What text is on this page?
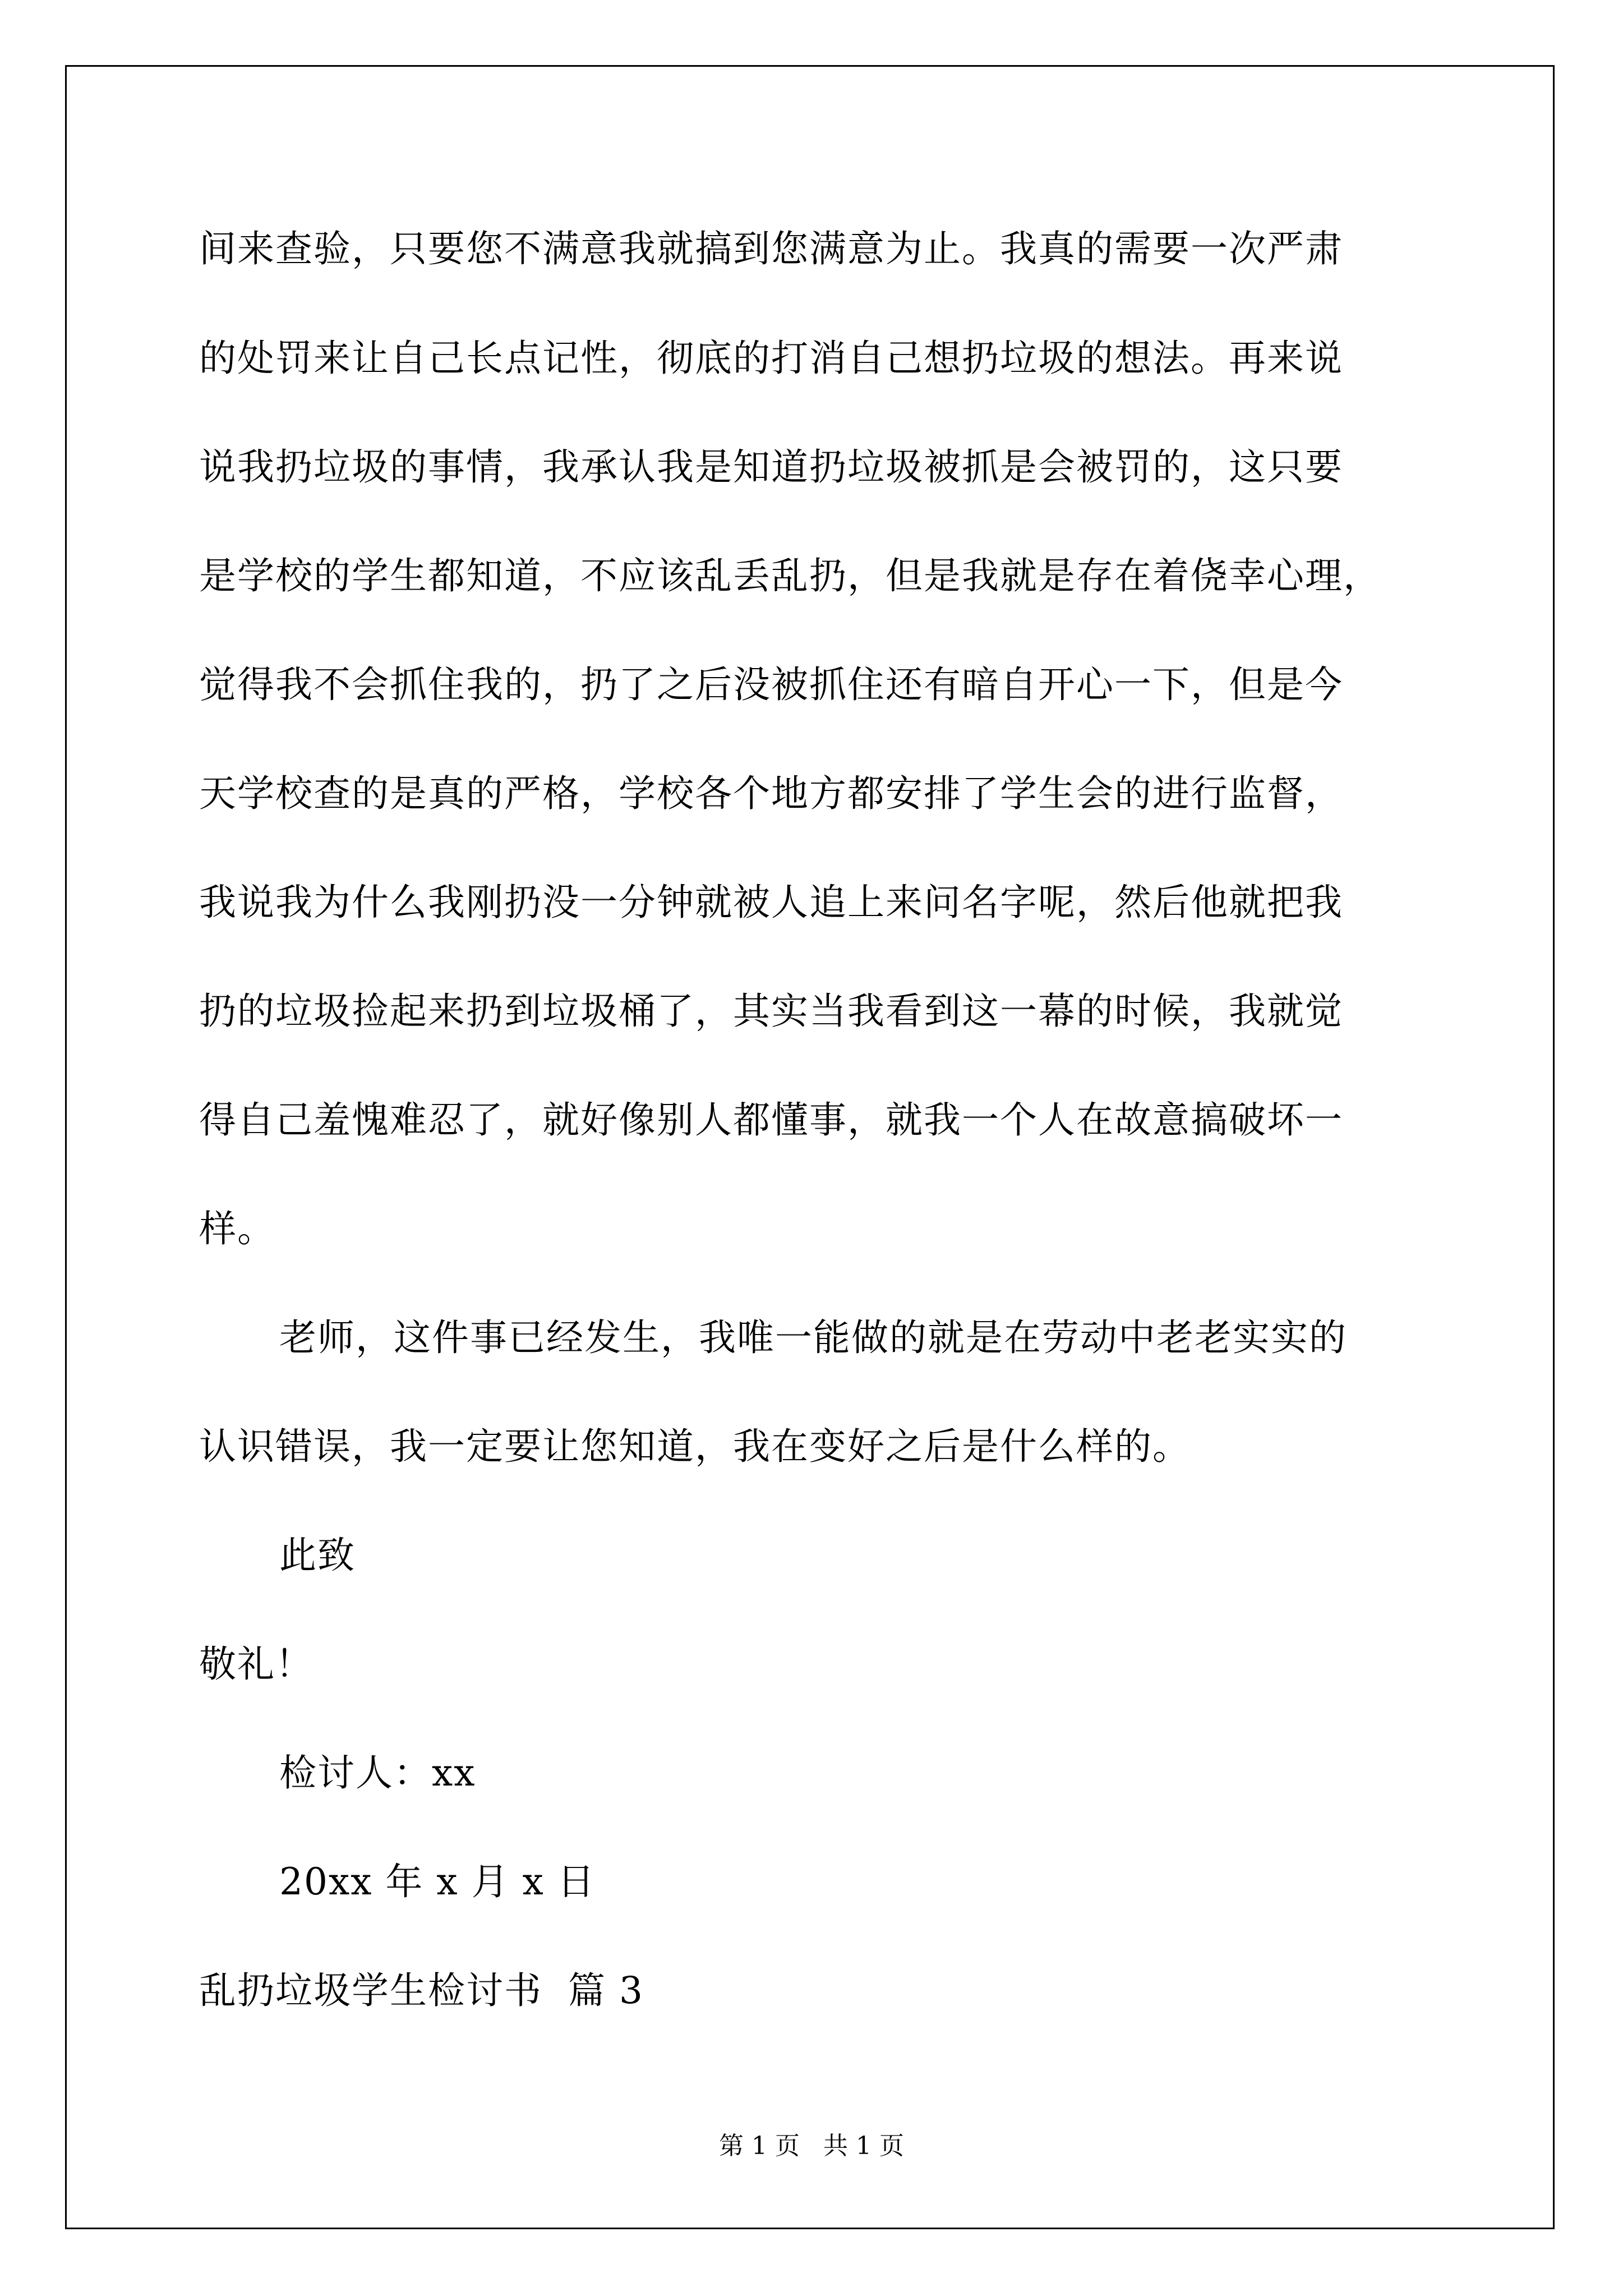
间来查验，只要您不满意我就搞到您满意为止。我真的需要一次严肃
的处罚来让自己长点记性，彻底的打消自己想扔垃圾的想法。再来说
说我扔垃圾的事情，我承认我是知道扔垃圾被抓是会被罚的，这只要
是学校的学生都知道，不应该乱丢乱扔，但是我就是存在着侥幸心理，
觉得我不会抓住我的，扔了之后没被抓住还有暗自开心一下，但是今
天学校查的是真的严格，学校各个地方都安排了学生会的进行监督，
我说我为什么我刚扔没一分钟就被人追上来问名字呢，然后他就把我
扔的垃圾捡起来扔到垃圾桶了，其实当我看到这一幕的时候，我就觉
得自己羞愧难忍了，就好像别人都懂事，就我一个人在故意搞破坏一
样。
老师，这件事已经发生，我唯一能做的就是在劳动中老老实实的
认识错误，我一定要让您知道，我在变好之后是什么样的。
此致
敬礼！
检讨人：xx
20xx 年 x 月 x 日
乱扔垃圾学生检讨书  篇 3
第 1 页   共 1 页
